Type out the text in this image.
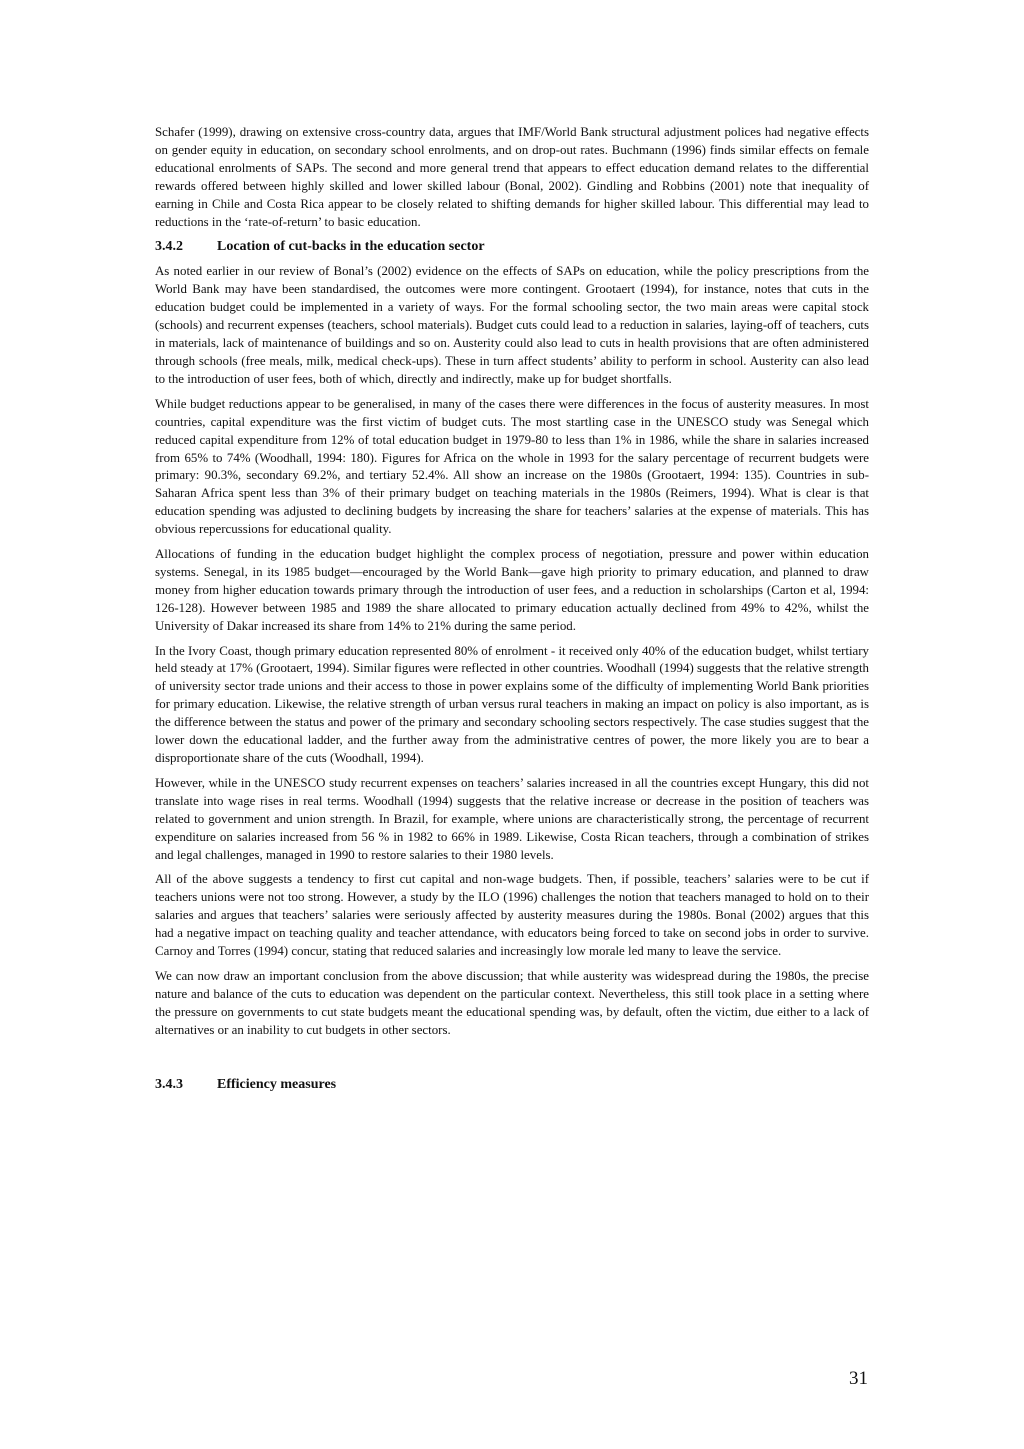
Schafer (1999), drawing on extensive cross-country data, argues that IMF/World Bank structural adjustment polices had negative effects on gender equity in education, on secondary school enrolments, and on drop-out rates. Buchmann (1996) finds similar effects on female educational enrolments of SAPs. The second and more general trend that appears to effect education demand relates to the differential rewards offered between highly skilled and lower skilled labour (Bonal, 2002). Gindling and Robbins (2001) note that inequality of earning in Chile and Costa Rica appear to be closely related to shifting demands for higher skilled labour. This differential may lead to reductions in the ‘rate-of-return’ to basic education.

3.4.2	Location of cut-backs in the education sector

As noted earlier in our review of Bonal’s (2002) evidence on the effects of SAPs on education, while the policy prescriptions from the World Bank may have been standardised, the outcomes were more contingent. Grootaert (1994), for instance, notes that cuts in the education budget could be implemented in a variety of ways. For the formal schooling sector, the two main areas were capital stock (schools) and recurrent expenses (teachers, school materials). Budget cuts could lead to a reduction in salaries, laying-off of teachers, cuts in materials, lack of maintenance of buildings and so on. Austerity could also lead to cuts in health provisions that are often administered through schools (free meals, milk, medical check-ups). These in turn affect students’ ability to perform in school. Austerity can also lead to the introduction of user fees, both of which, directly and indirectly, make up for budget shortfalls.

While budget reductions appear to be generalised, in many of the cases there were differences in the focus of austerity measures. In most countries, capital expenditure was the first victim of budget cuts. The most startling case in the UNESCO study was Senegal which reduced capital expenditure from 12% of total education budget in 1979-80 to less than 1% in 1986, while the share in salaries increased from 65% to 74% (Woodhall, 1994: 180). Figures for Africa on the whole in 1993 for the salary percentage of recurrent budgets were primary: 90.3%, secondary 69.2%, and tertiary 52.4%. All show an increase on the 1980s (Grootaert, 1994: 135). Countries in sub-Saharan Africa spent less than 3% of their primary budget on teaching materials in the 1980s (Reimers, 1994). What is clear is that education spending was adjusted to declining budgets by increasing the share for teachers’ salaries at the expense of materials. This has obvious repercussions for educational quality.

Allocations of funding in the education budget highlight the complex process of negotiation, pressure and power within education systems. Senegal, in its 1985 budget—encouraged by the World Bank—gave high priority to primary education, and planned to draw money from higher education towards primary through the introduction of user fees, and a reduction in scholarships (Carton et al, 1994: 126-128). However between 1985 and 1989 the share allocated to primary education actually declined from 49% to 42%, whilst the University of Dakar increased its share from 14% to 21% during the same period.

In the Ivory Coast, though primary education represented 80% of enrolment - it received only 40% of the education budget, whilst tertiary held steady at 17% (Grootaert, 1994). Similar figures were reflected in other countries. Woodhall (1994) suggests that the relative strength of university sector trade unions and their access to those in power explains some of the difficulty of implementing World Bank priorities for primary education. Likewise, the relative strength of urban versus rural teachers in making an impact on policy is also important, as is the difference between the status and power of the primary and secondary schooling sectors respectively. The case studies suggest that the lower down the educational ladder, and the further away from the administrative centres of power, the more likely you are to bear a disproportionate share of the cuts (Woodhall, 1994).

However, while in the UNESCO study recurrent expenses on teachers’ salaries increased in all the countries except Hungary, this did not translate into wage rises in real terms. Woodhall (1994) suggests that the relative increase or decrease in the position of teachers was related to government and union strength. In Brazil, for example, where unions are characteristically strong, the percentage of recurrent expenditure on salaries increased from 56 % in 1982 to 66% in 1989. Likewise, Costa Rican teachers, through a combination of strikes and legal challenges, managed in 1990 to restore salaries to their 1980 levels.

All of the above suggests a tendency to first cut capital and non-wage budgets. Then, if possible, teachers’ salaries were to be cut if teachers unions were not too strong. However, a study by the ILO (1996) challenges the notion that teachers managed to hold on to their salaries and argues that teachers’ salaries were seriously affected by austerity measures during the 1980s. Bonal (2002) argues that this had a negative impact on teaching quality and teacher attendance, with educators being forced to take on second jobs in order to survive. Carnoy and Torres (1994) concur, stating that reduced salaries and increasingly low morale led many to leave the service.

We can now draw an important conclusion from the above discussion; that while austerity was widespread during the 1980s, the precise nature and balance of the cuts to education was dependent on the particular context. Nevertheless, this still took place in a setting where the pressure on governments to cut state budgets meant the educational spending was, by default, often the victim, due either to a lack of alternatives or an inability to cut budgets in other sectors.

3.4.3	Efficiency measures
31
